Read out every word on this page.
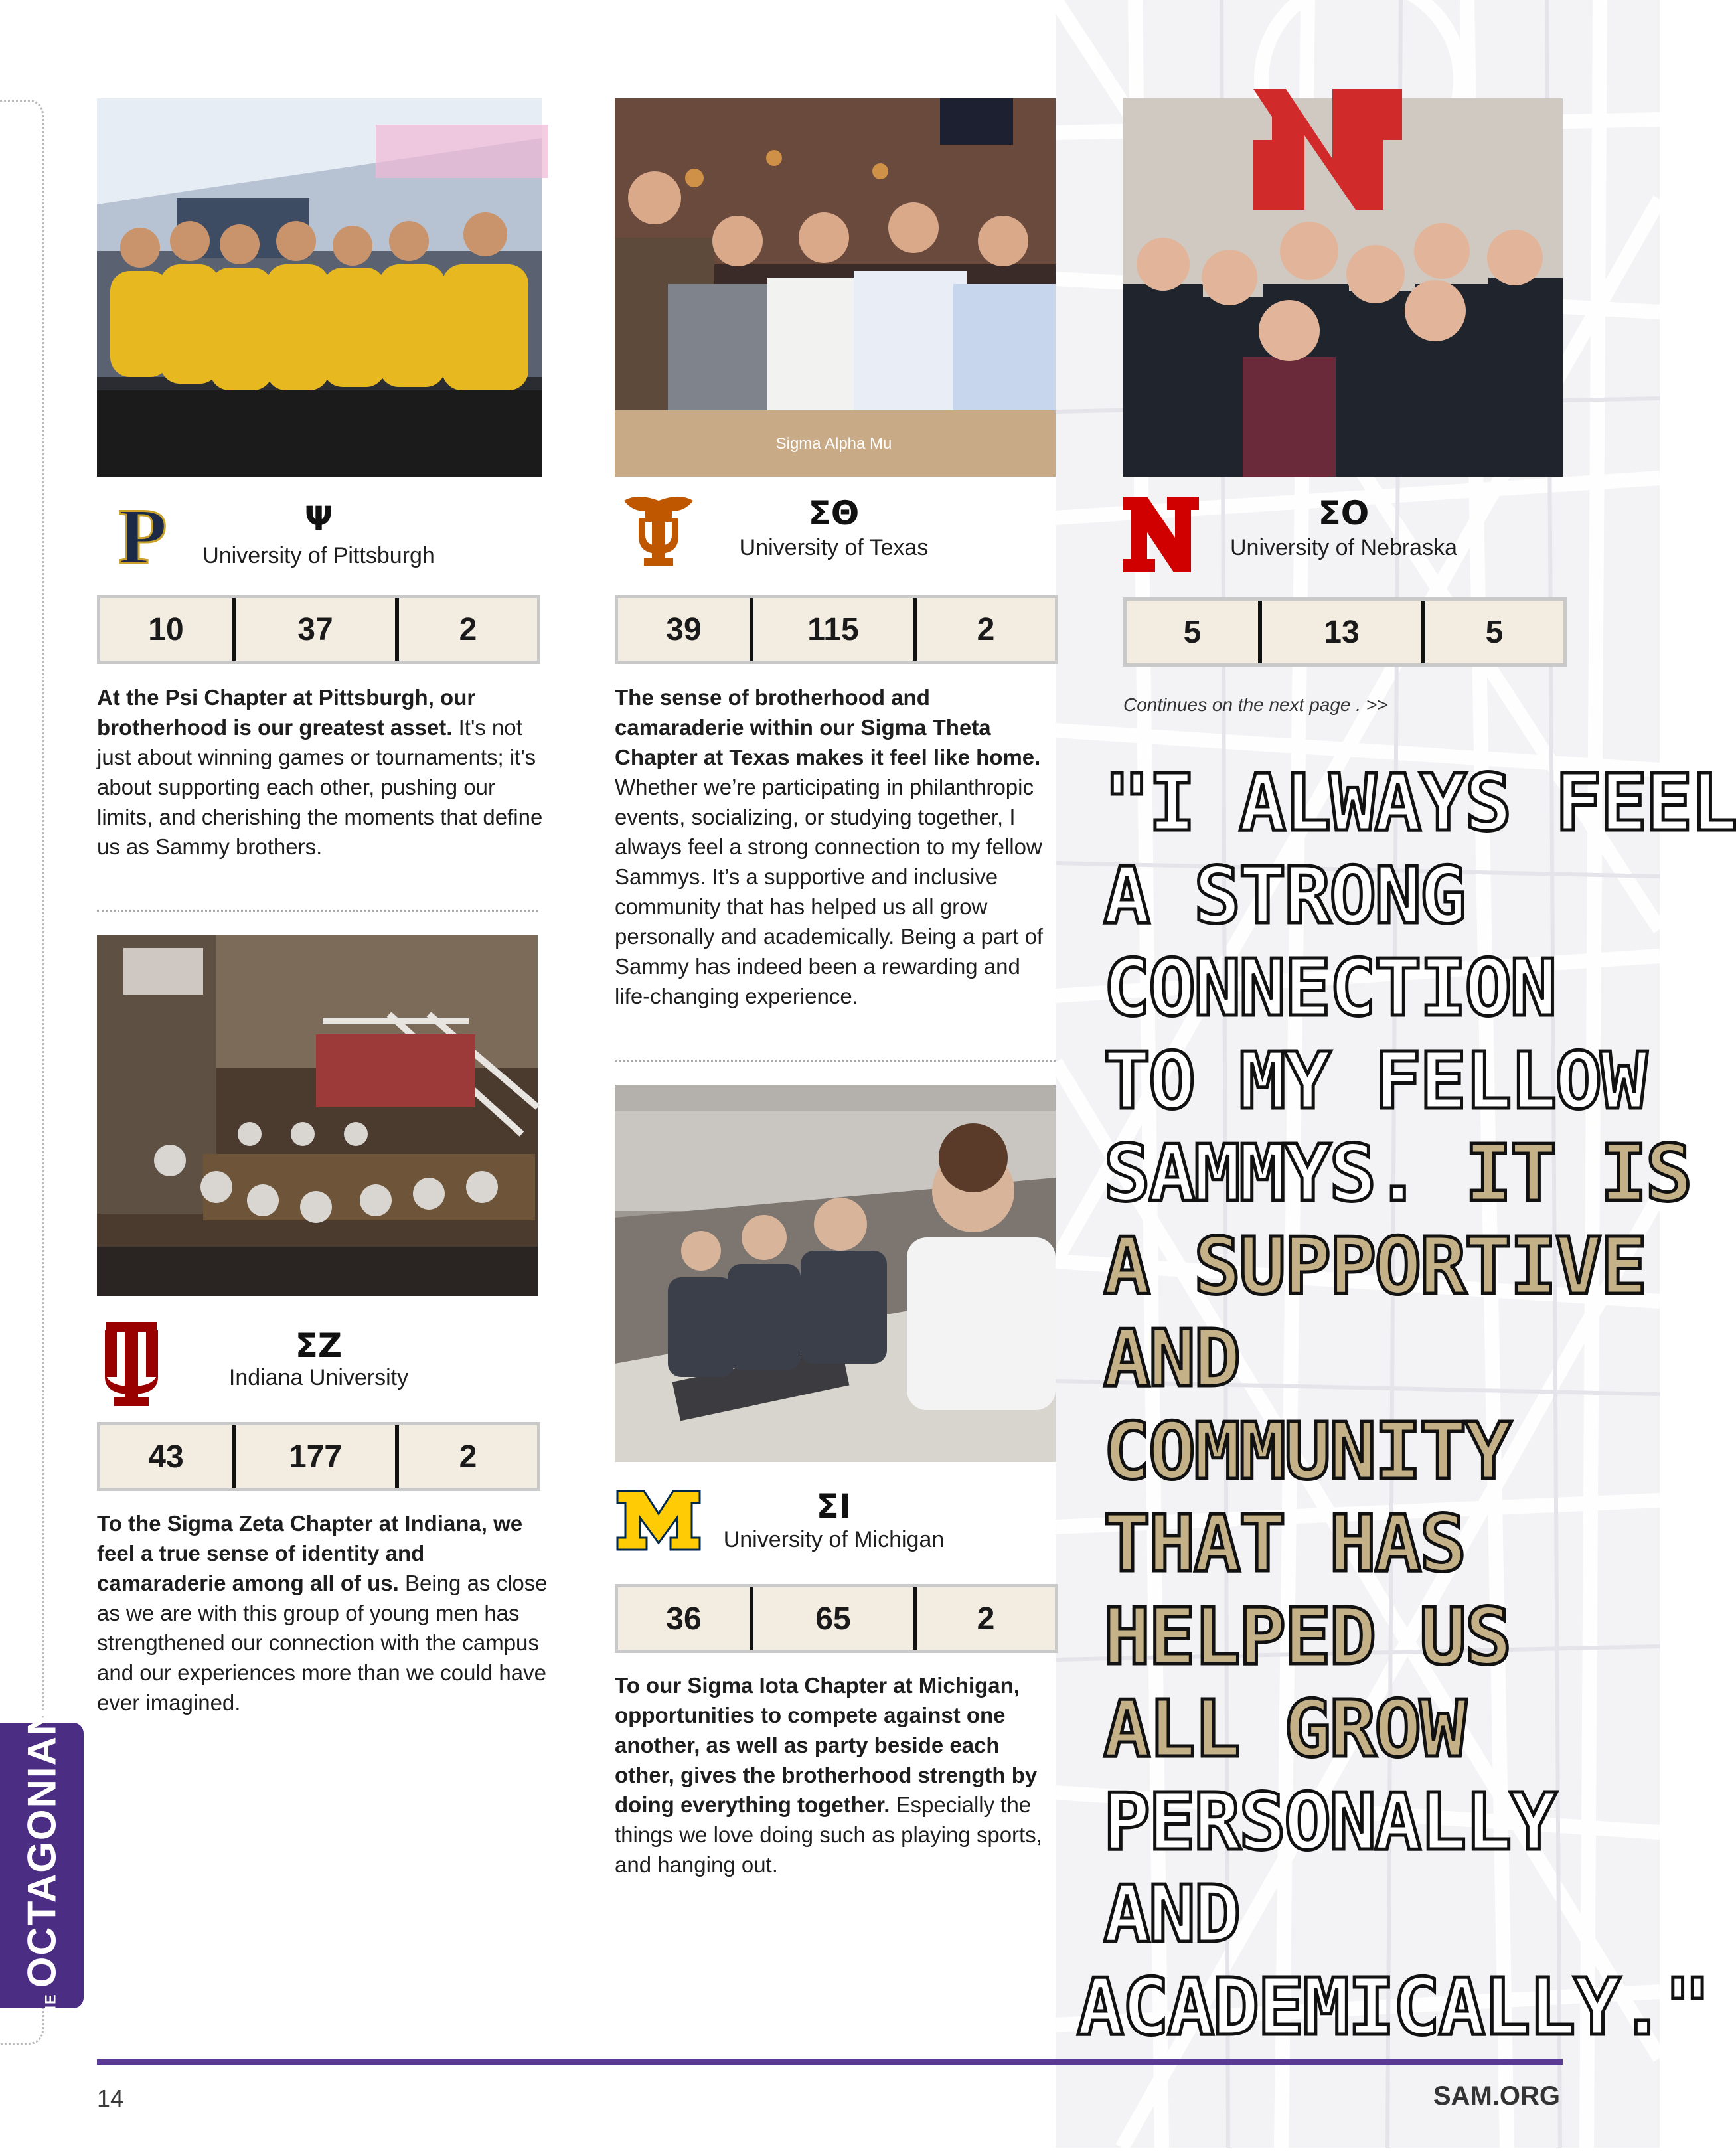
P	Ψ
University of Pittsburgh
10	37	2
At the Psi Chapter at Pittsburgh, our brotherhood is our greatest asset. It's not just about winning games or tournaments; it's about supporting each other, pushing our limits, and cherishing the moments that define us as Sammy brothers.
ΣΖ
Indiana University
43	177	2
To the Sigma Zeta Chapter at Indiana, we feel a true sense of identity and camaraderie among all of us. Being as close as we are with this group of young men has strengthened our connection with the campus and our experiences more than we could have ever imagined.
Sigma Alpha Mu
ΣΘ
University of Texas
39	115	2
The sense of brotherhood and camaraderie within our Sigma Theta Chapter at Texas makes it feel like home. Whether we’re participating in philanthropic events, socializing, or studying together, I always feel a strong connection to my fellow Sammys. It’s a supportive and inclusive community that has helped us all grow personally and academically. Being a part of Sammy has indeed been a rewarding and life-changing experience.
ΣΙ
University of Michigan
36	65	2
To our Sigma Iota Chapter at Michigan, opportunities to compete against one another, as well as party beside each other, gives the brotherhood strength by doing everything together. Especially the things we love doing such as playing sports, and hanging out.
ΣΟ
University of Nebraska
5	13	5
Continues on the next page . >>
"I ALWAYS FEEL
A STRONG
CONNECTION
TO MY FELLOW
SAMMYS. IT IS
A SUPPORTIVE
AND
COMMUNITY
THAT HAS
HELPED US
ALL GROW
PERSONALLY
AND
ACADEMICALLY."
THEOCTAGONIAN
14	SAM.ORG
